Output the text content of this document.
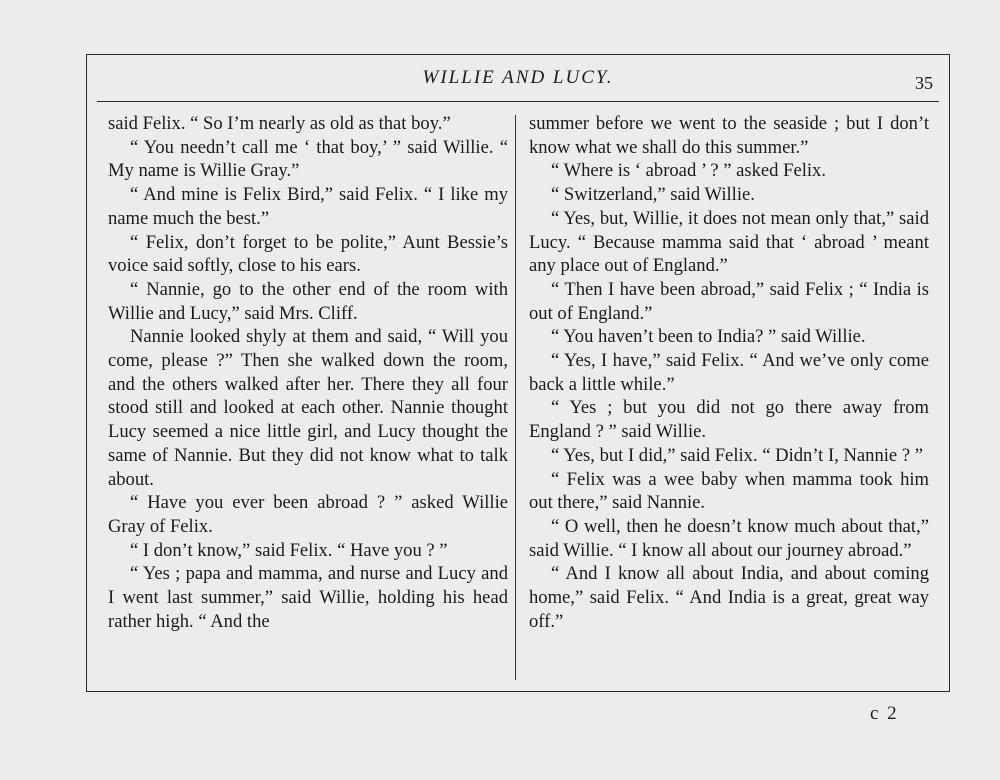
WILLIE AND LUCY.	35

said Felix. “ So I’m nearly as old as that boy.”

“ You needn’t call me ‘ that boy,’ ” said Willie. “ My name is Willie Gray.”

“ And mine is Felix Bird,” said Felix. “ I like my name much the best.”

“ Felix, don’t forget to be polite,” Aunt Bessie’s voice said softly, close to his ears.

“ Nannie, go to the other end of the room with Willie and Lucy,” said Mrs. Cliff.

Nannie looked shyly at them and said, “ Will you come, please ?” Then she walked down the room, and the others walked after her. There they all four stood still and looked at each other. Nannie thought Lucy seemed a nice little girl, and Lucy thought the same of Nannie. But they did not know what to talk about.

“ Have you ever been abroad ? ” asked Willie Gray of Felix.

“ I don’t know,” said Felix. “ Have you ? ”

“ Yes ; papa and mamma, and nurse and Lucy and I went last summer,” said Willie, holding his head rather high. “ And the

summer before we went to the seaside ; but I don’t know what we shall do this summer.”

“ Where is ‘ abroad ’ ? ” asked Felix.

“ Switzerland,” said Willie.

“ Yes, but, Willie, it does not mean only that,” said Lucy. “ Because mamma said that ‘ abroad ’ meant any place out of England.”

“ Then I have been abroad,” said Felix ; “ India is out of England.”

“ You haven’t been to India? ” said Willie.

“ Yes, I have,” said Felix. “ And we’ve only come back a little while.”

“ Yes ; but you did not go there away from England ? ” said Willie.

“ Yes, but I did,” said Felix. “ Didn’t I, Nannie ? ”

“ Felix was a wee baby when mamma took him out there,” said Nannie.

“ O well, then he doesn’t know much about that,” said Willie. “ I know all about our journey abroad.”

“ And I know all about India, and about coming home,” said Felix. “ And India is a great, great way off.”

c 2
